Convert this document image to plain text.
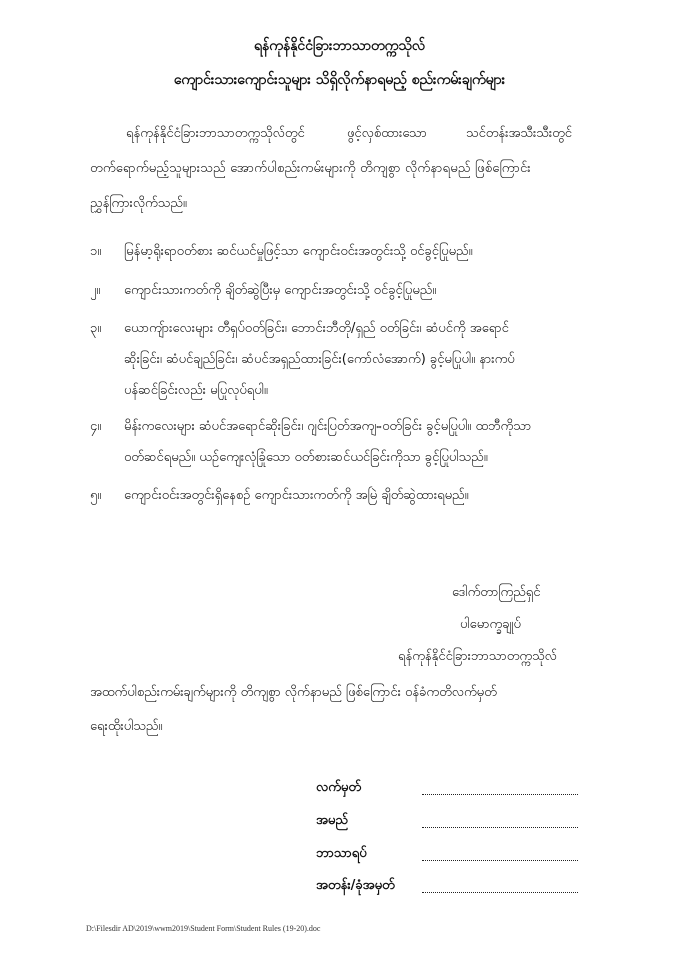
ရန်ကုန်နိုင်ငံခြားဘာသာတက္ကသိုလ်
ကျောင်းသားကျောင်းသူများ သိရှိလိုက်နာရမည့် စည်းကမ်းချက်များ
ရန်ကုန်နိုင်ငံခြားဘာသာတက္ကသိုလ်တွင်	ဖွင့်လှစ်ထားသော	သင်တန်းအသီးသီးတွင်
တက်ရောက်မည့်သူများသည် အောက်ပါစည်းကမ်းများကို တိကျစွာ လိုက်နာရမည် ဖြစ်ကြောင်း
ညွှန်ကြားလိုက်သည်။
၁။ မြန်မာ့ရိုးရာဝတ်စား ဆင်ယင်မှုဖြင့်သာ ကျောင်းဝင်းအတွင်းသို့ ဝင်ခွင့်ပြုမည်။
၂။ ကျောင်းသားကတ်ကို ချိတ်ဆွဲပြီးမှ ကျောင်းအတွင်းသို့ ဝင်ခွင့်ပြုမည်။
၃။ ယောကျ်ားလေးများ တီရှပ်ဝတ်ခြင်း၊ ဘောင်းဘီတို/ရှည် ဝတ်ခြင်း၊ ဆံပင်ကို အရောင်
ဆိုးခြင်း၊ ဆံပင်ချည်ခြင်း၊ ဆံပင်အရှည်ထားခြင်း(ကော်လံအောက်) ခွင့်မပြုပါ။ နားကပ်
ပန်ဆင်ခြင်းလည်း မပြုလုပ်ရပါ။
၄။ မိန်းကလေးများ ဆံပင်အရောင်ဆိုးခြင်း၊ ဂျင်းပြတ်အကျႌဝတ်ခြင်း ခွင့်မပြုပါ။ ထဘီကိုသာ
ဝတ်ဆင်ရမည်။ ယဉ်ကျေးလုံခြုံသော ဝတ်စားဆင်ယင်ခြင်းကိုသာ ခွင့်ပြုပါသည်။
၅။ ကျောင်းဝင်းအတွင်းရှိနေစဉ် ကျောင်းသားကတ်ကို အမြဲ ချိတ်ဆွဲထားရမည်။
ဒေါက်တာကြည်ရှင်
ပါမောက္ခချုပ်
ရန်ကုန်နိုင်ငံခြားဘာသာတက္ကသိုလ်
အထက်ပါစည်းကမ်းချက်များကို တိကျစွာ လိုက်နာမည် ဖြစ်ကြောင်း ဝန်ခံကတိလက်မှတ်
ရေးထိုးပါသည်။
လက်မှတ်
အမည်
ဘာသာရပ်
အတန်း/ခုံအမှတ်
D:\Filesdir AD\2019\wwm2019\Student Form\Student Rules (19-20).doc
